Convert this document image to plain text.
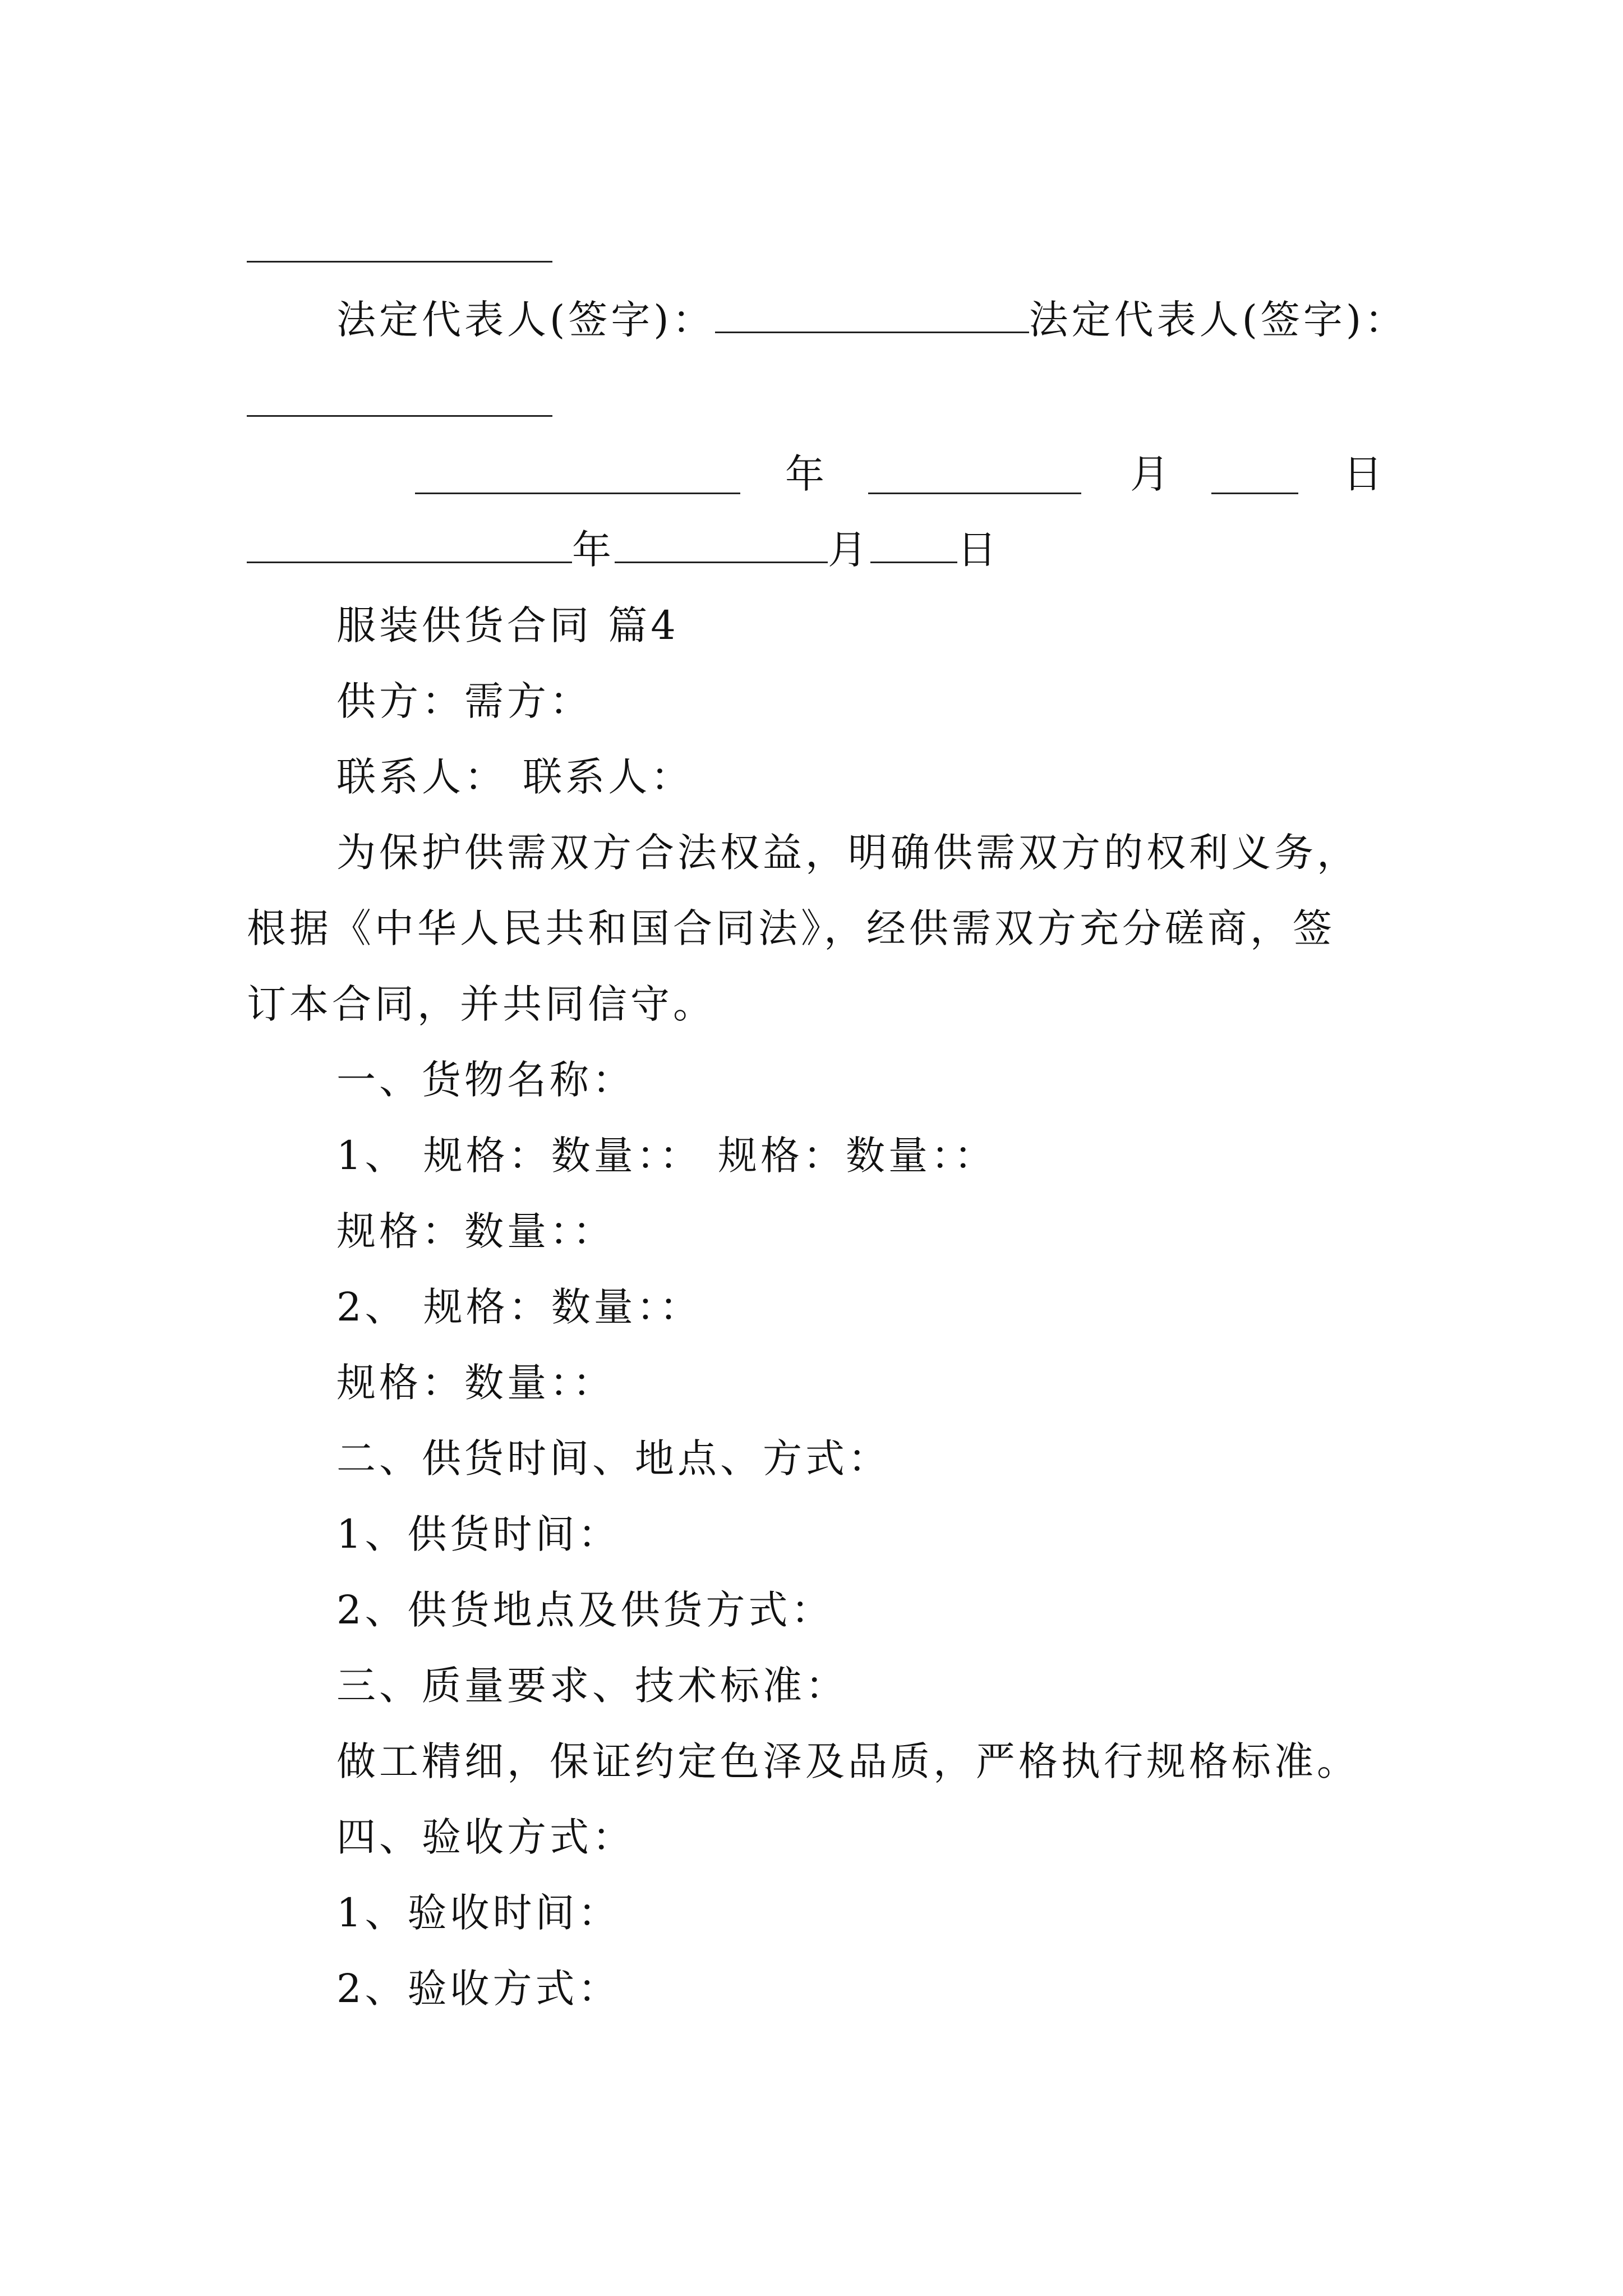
法定代表人(签字)：	法定代表人(签字)：
年	月	日
年	月 日
服装供货合同 篇4
供方：需方：
联系人： 联系人：
为保护供需双方合法权益，明确供需双方的权利义务，
根据《中华人民共和国合同法》，经供需双方充分磋商，签
订本合同，并共同信守。
一、货物名称：
1、 规格：数量：： 规格：数量：：
规格：数量：：
2、 规格：数量：：
规格：数量：：
二、供货时间、地点、方式：
1、供货时间：
2、供货地点及供货方式：
三、质量要求、技术标准：
做工精细，保证约定色泽及品质，严格执行规格标准。
四、验收方式：
1、验收时间：
2、验收方式：
